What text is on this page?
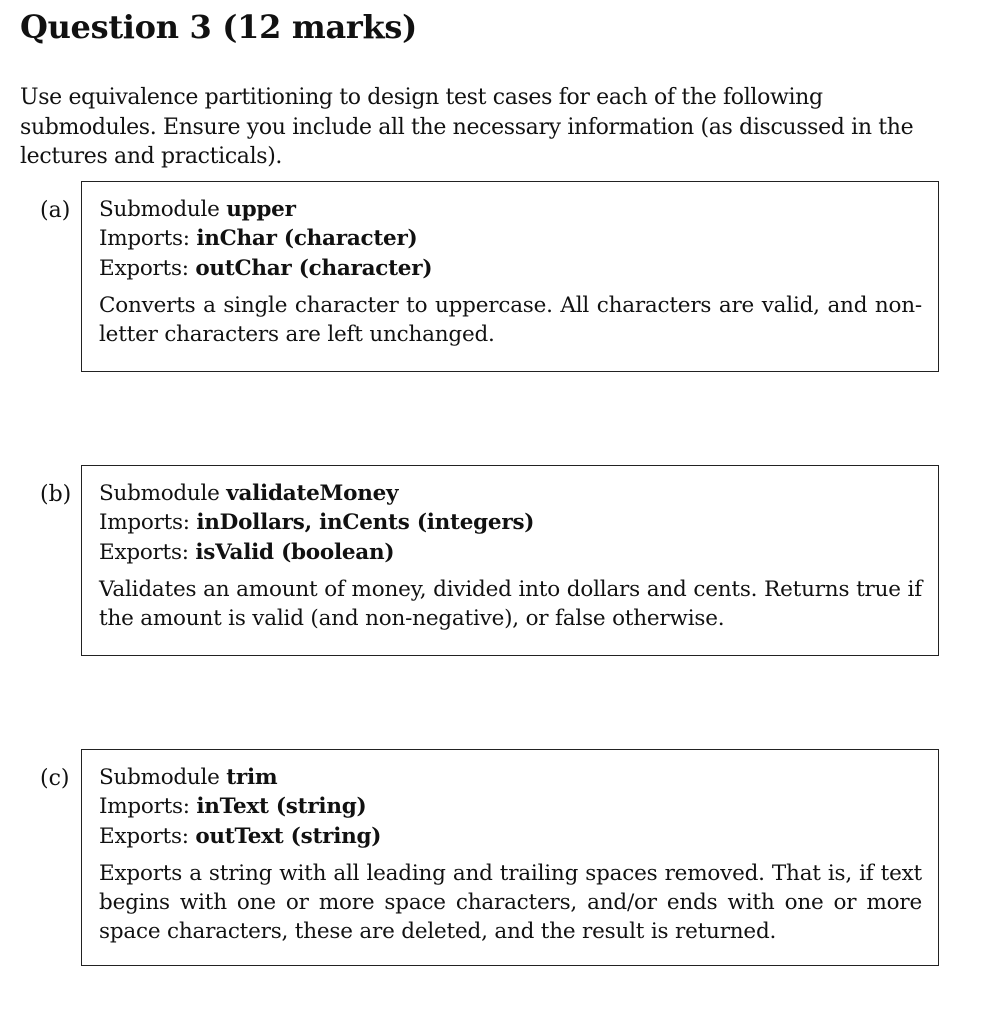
Question 3 (12 marks)

Use equivalence partitioning to design test cases for each of the following submodules. Ensure you include all the necessary information (as discussed in the lectures and practicals).

(a) Submodule upper
Imports: inChar (character)
Exports: outChar (character)
Converts a single character to uppercase. All characters are valid, and non-letter characters are left unchanged.
(b) Submodule validateMoney
Imports: inDollars, inCents (integers)
Exports: isValid (boolean)
Validates an amount of money, divided into dollars and cents. Returns true if the amount is valid (and non-negative), or false otherwise.
(c) Submodule trim
Imports: inText (string)
Exports: outText (string)
Exports a string with all leading and trailing spaces removed. That is, if text begins with one or more space characters, and/or ends with one or more space characters, these are deleted, and the result is returned.
